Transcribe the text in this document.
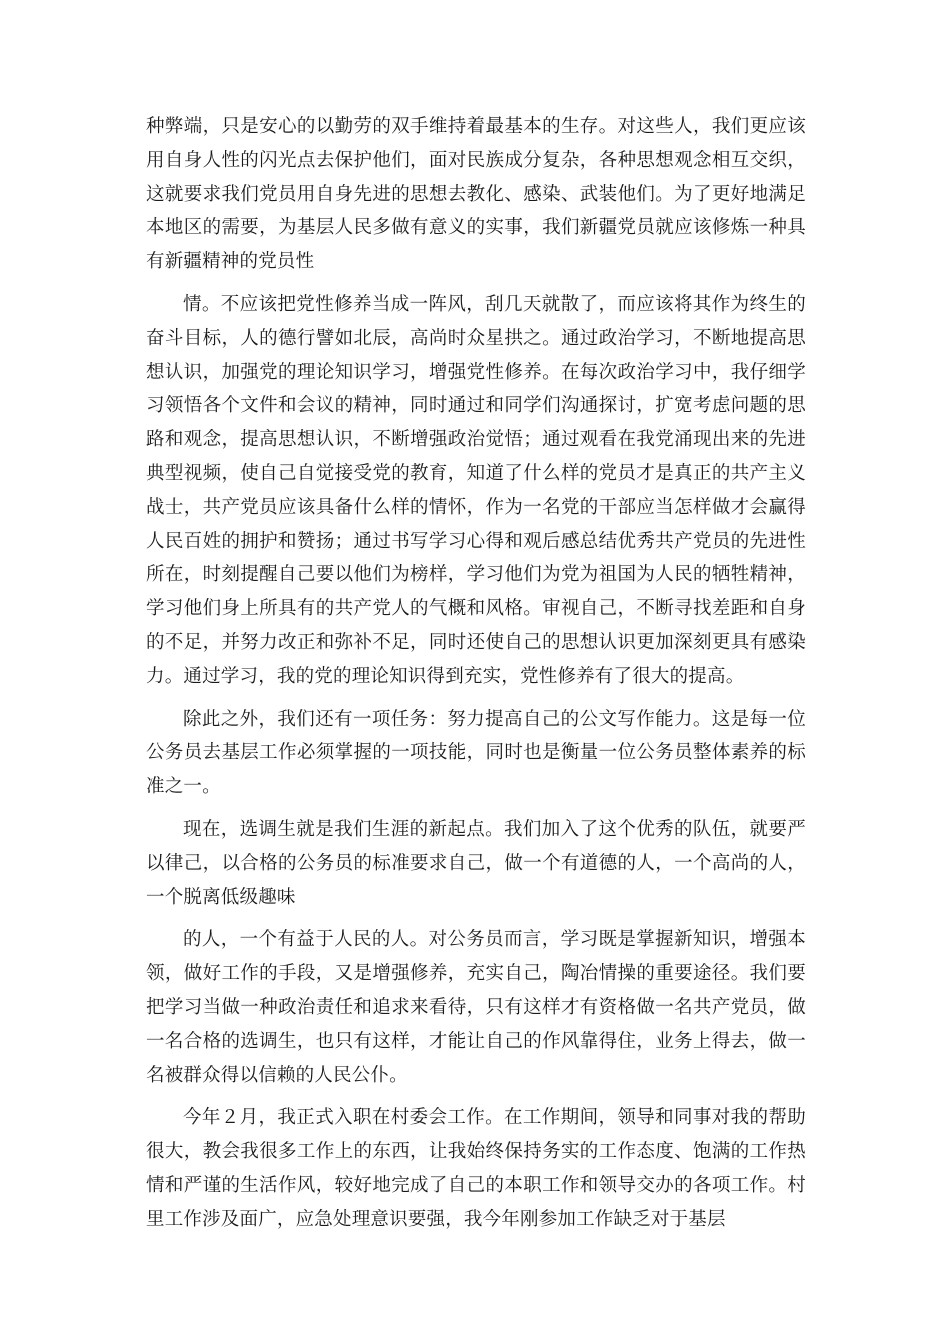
种弊端，只是安心的以勤劳的双手维持着最基本的生存。对这些人，我们更应该用自身人性的闪光点去保护他们，面对民族成分复杂，各种思想观念相互交织，这就要求我们党员用自身先进的思想去教化、感染、武装他们。为了更好地满足本地区的需要，为基层人民多做有意义的实事，我们新疆党员就应该修炼一种具有新疆精神的党员性

情。不应该把党性修养当成一阵风，刮几天就散了，而应该将其作为终生的奋斗目标，人的德行譬如北辰，高尚时众星拱之。通过政治学习，不断地提高思想认识，加强党的理论知识学习，增强党性修养。在每次政治学习中，我仔细学习领悟各个文件和会议的精神，同时通过和同学们沟通探讨，扩宽考虑问题的思路和观念，提高思想认识，不断增强政治觉悟；通过观看在我党涌现出来的先进典型视频，使自己自觉接受党的教育，知道了什么样的党员才是真正的共产主义战士，共产党员应该具备什么样的情怀，作为一名党的干部应当怎样做才会赢得人民百姓的拥护和赞扬；通过书写学习心得和观后感总结优秀共产党员的先进性所在，时刻提醒自己要以他们为榜样，学习他们为党为祖国为人民的牺牲精神，学习他们身上所具有的共产党人的气概和风格。审视自己，不断寻找差距和自身的不足，并努力改正和弥补不足，同时还使自己的思想认识更加深刻更具有感染力。通过学习，我的党的理论知识得到充实，党性修养有了很大的提高。

除此之外，我们还有一项任务：努力提高自己的公文写作能力。这是每一位公务员去基层工作必须掌握的一项技能，同时也是衡量一位公务员整体素养的标准之一。

现在，选调生就是我们生涯的新起点。我们加入了这个优秀的队伍，就要严以律己，以合格的公务员的标准要求自己，做一个有道德的人，一个高尚的人，一个脱离低级趣味

的人，一个有益于人民的人。对公务员而言，学习既是掌握新知识，增强本领，做好工作的手段，又是增强修养，充实自己，陶冶情操的重要途径。我们要把学习当做一种政治责任和追求来看待，只有这样才有资格做一名共产党员，做一名合格的选调生，也只有这样，才能让自己的作风靠得住，业务上得去，做一名被群众得以信赖的人民公仆。

今年２月，我正式入职在村委会工作。在工作期间，领导和同事对我的帮助很大，教会我很多工作上的东西，让我始终保持务实的工作态度、饱满的工作热情和严谨的生活作风，较好地完成了自己的本职工作和领导交办的各项工作。村里工作涉及面广，应急处理意识要强，我今年刚参加工作缺乏对于基层
